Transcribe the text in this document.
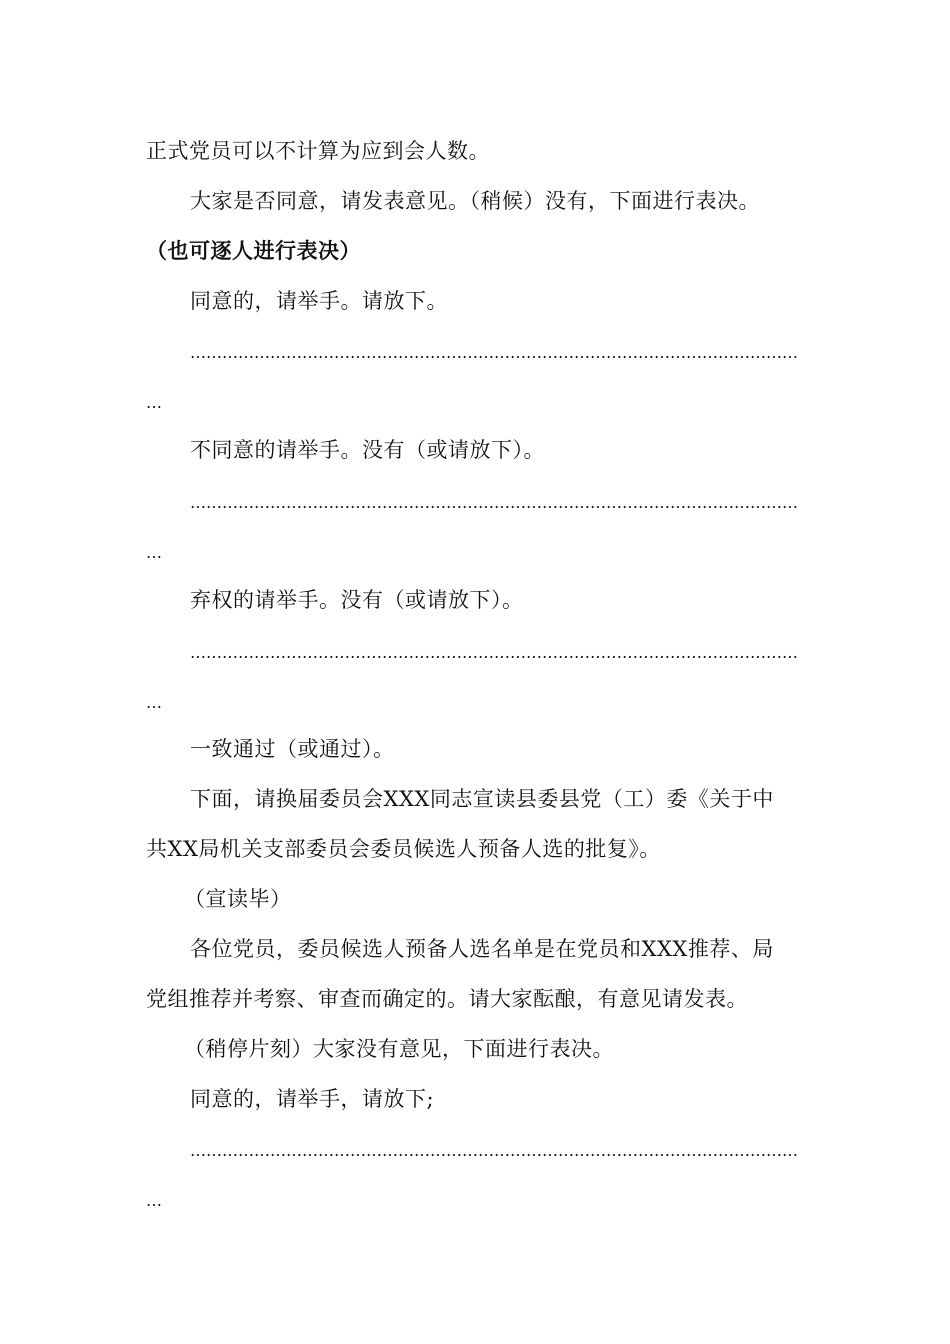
正式党员可以不计算为应到会人数。
大家是否同意，请发表意见。（稍候）没有，下面进行表决。
（也可逐人进行表决）
同意的，请举手。请放下。
……………………………………………………………………………………………………
…
不同意的请举手。没有（或请放下）。
……………………………………………………………………………………………………
…
弃权的请举手。没有（或请放下）。
……………………………………………………………………………………………………
…
一致通过（或通过）。
下面，请换届委员会XXX同志宣读县委县党（工）委《关于中
共XX局机关支部委员会委员候选人预备人选的批复》。
（宣读毕）
各位党员，委员候选人预备人选名单是在党员和XXX推荐、局
党组推荐并考察、审查而确定的。请大家酝酿，有意见请发表。
（稍停片刻）大家没有意见，下面进行表决。
同意的，请举手，请放下;
……………………………………………………………………………………………………
…
